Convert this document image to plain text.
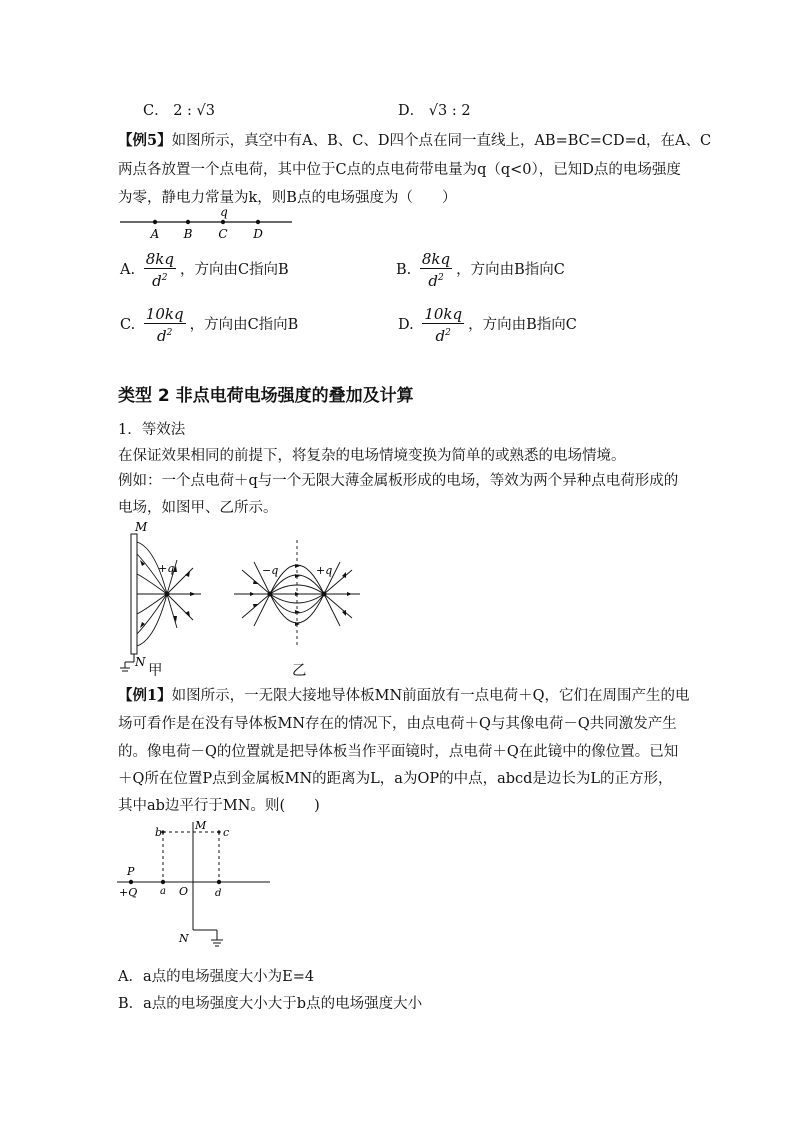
C． 2 : √3	D． √3 : 2
【例5】如图所示，真空中有A、B、C、D四个点在同一直线上，AB=BC=CD=d，在A、C
两点各放置一个点电荷，其中位于C点的点电荷带电量为q（q<0），已知D点的电场强度
为零，静电力常量为k，则B点的电场强度为（　　）
q
A B C D
A. $\frac{8kq}{d^2}$ ，方向由C指向B	B. $\frac{8kq}{d^2}$ ，方向由B指向C
C. $\frac{10kq}{d^2}$ ，方向由C指向B	D. $\frac{10kq}{d^2}$ ，方向由B指向C
类型 2 非点电荷电场强度的叠加及计算
1．等效法
在保证效果相同的前提下，将复杂的电场情境变换为简单的或熟悉的电场情境。
例如：一个点电荷＋q与一个无限大薄金属板形成的电场，等效为两个异种点电荷形成的
电场，如图甲、乙所示。
M
N
+q
甲
−q	+q
乙
【例1】如图所示，一无限大接地导体板MN前面放有一点电荷＋Q，它们在周围产生的电
场可看作是在没有导体板MN存在的情况下，由点电荷＋Q与其像电荷－Q共同激发产生
的。像电荷－Q的位置就是把导体板当作平面镜时，点电荷＋Q在此镜中的像位置。已知
＋Q所在位置P点到金属板MN的距离为L，a为OP的中点，abcd是边长为L的正方形，
其中ab边平行于MN。则(　　)
b
M
c
P
+Q a O	d
N
A．a点的电场强度大小为E=4
B．a点的电场强度大小大于b点的电场强度大小
